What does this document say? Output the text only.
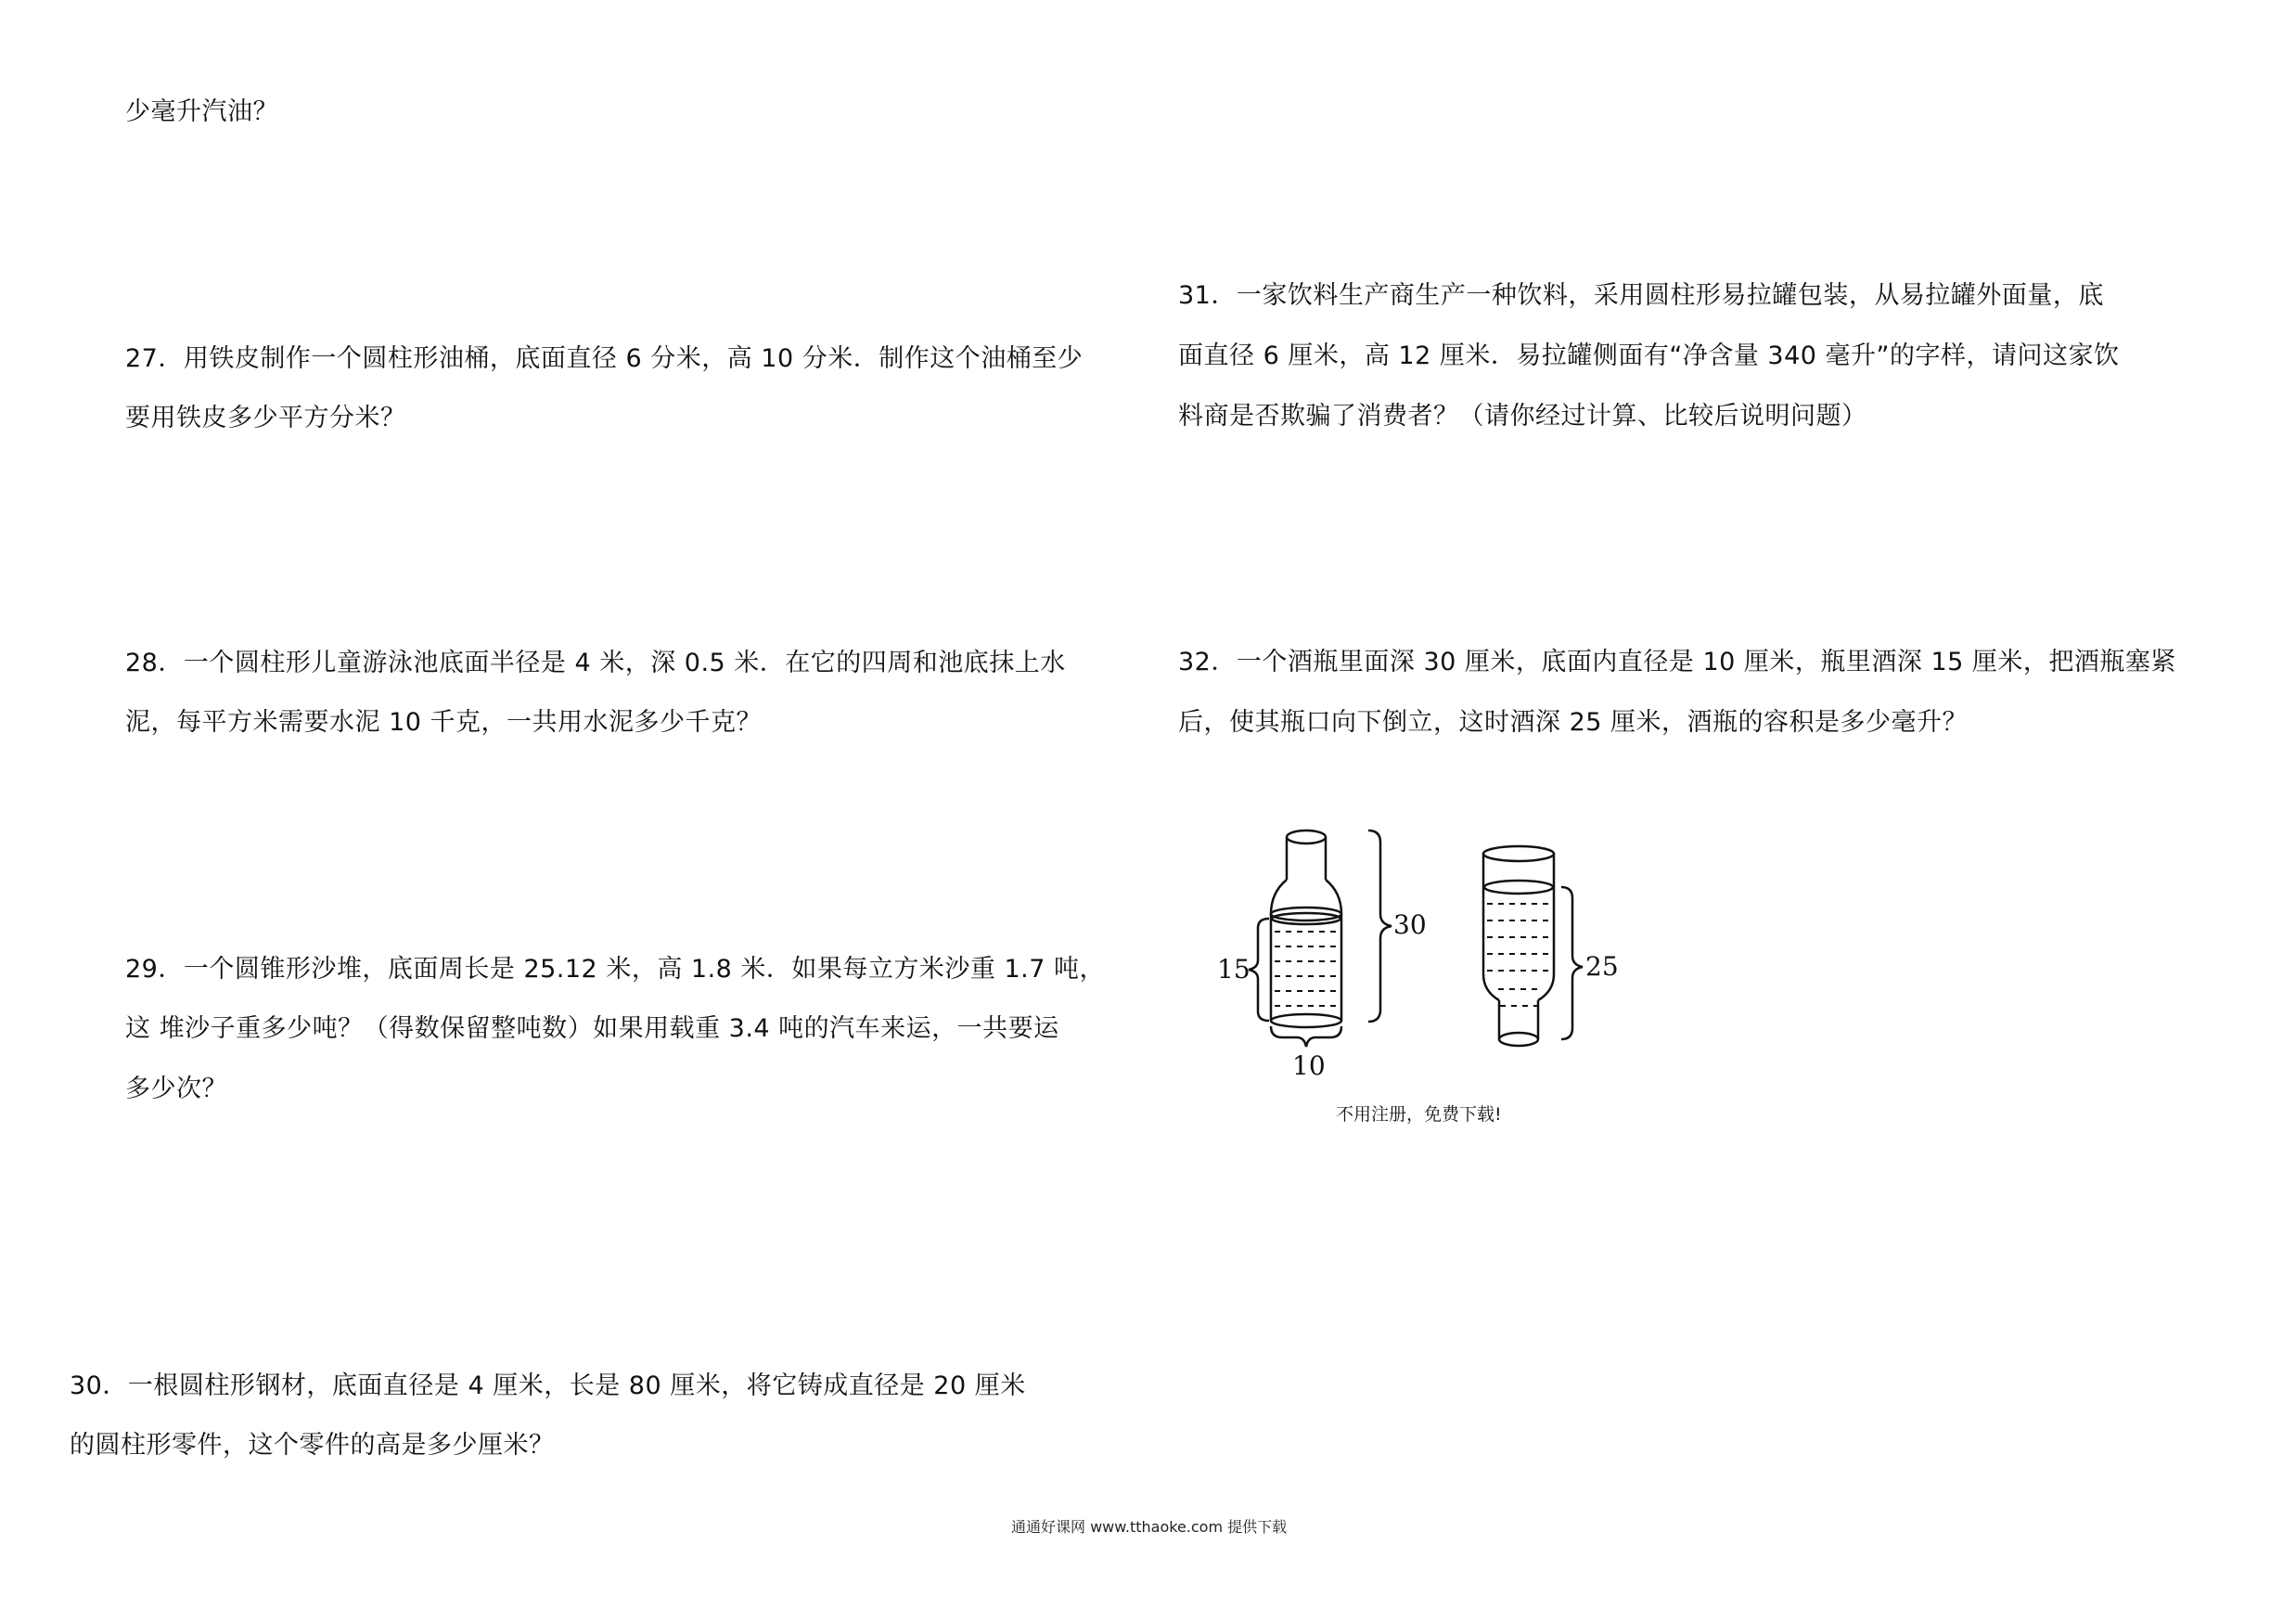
少毫升汽油？
27．用铁皮制作一个圆柱形油桶，底面直径 6 分米，高 10 分米．制作这个油桶至少
要用铁皮多少平方分米？
28．一个圆柱形儿童游泳池底面半径是 4 米，深 0.5 米．在它的四周和池底抹上水
泥，每平方米需要水泥 10 千克，一共用水泥多少千克？
29．一个圆锥形沙堆，底面周长是 25.12 米，高 1.8 米．如果每立方米沙重 1.7 吨，
这 堆沙子重多少吨？（得数保留整吨数）如果用载重 3.4 吨的汽车来运，一共要运
多少次？
30．一根圆柱形钢材，底面直径是 4 厘米，长是 80 厘米，将它铸成直径是 20 厘米
的圆柱形零件，这个零件的高是多少厘米？
31．一家饮料生产商生产一种饮料，采用圆柱形易拉罐包装，从易拉罐外面量，底
面直径 6 厘米，高 12 厘米．易拉罐侧面有“净含量 340 毫升”的字样，请问这家饮
料商是否欺骗了消费者？（请你经过计算、比较后说明问题）
32．一个酒瓶里面深 30 厘米，底面内直径是 10 厘米，瓶里酒深 15 厘米，把酒瓶塞紧
后，使其瓶口向下倒立，这时酒深 25 厘米，酒瓶的容积是多少毫升？
30
15
10
25
不用注册，免费下载!
通通好课网 www.tthaoke.com 提供下载
